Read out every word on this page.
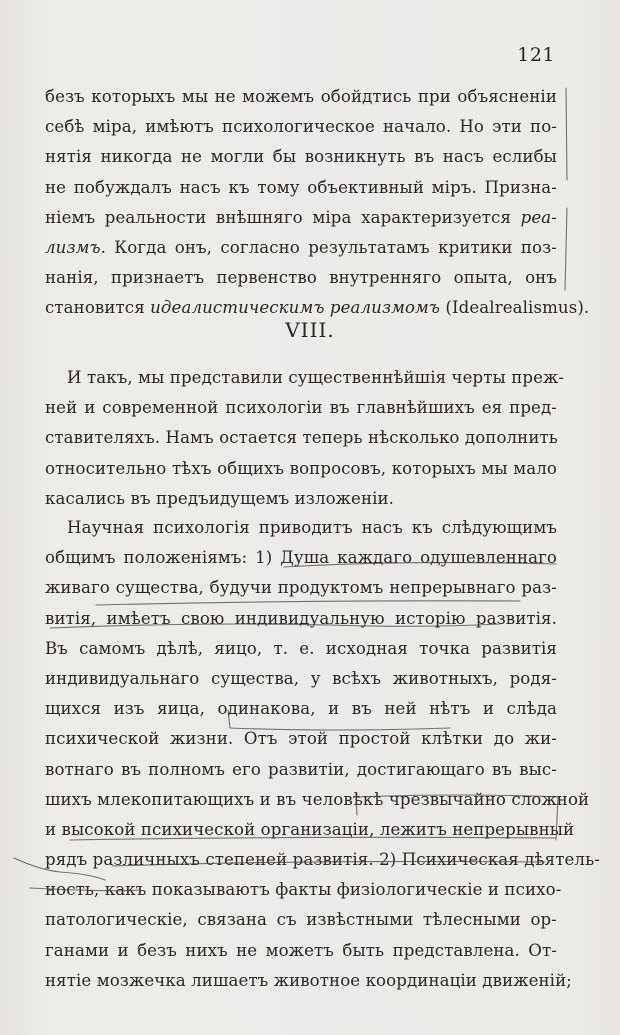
121
безъ которыхъ мы не можемъ обойдтись при объясненiи
себѣ мiра, имѣютъ психологическое начало. Но эти по-
нятiя никогда не могли бы возникнуть въ насъ еслибы
не побуждалъ насъ къ тому объективный мiръ. Призна-
нiемъ реальности внѣшняго мiра характеризуется реа-
лизмъ. Когда онъ, согласно результатамъ критики поз-
нанiя, признаетъ первенство внутренняго опыта, онъ
становится идеалистическимъ реализмомъ (Idealrealismus).
VIII.
И такъ, мы представили существеннѣйшiя черты преж-
ней и современной психологiи въ главнѣйшихъ ея пред-
ставителяхъ. Намъ остается теперь нѣсколько дополнить
относительно тѣхъ общихъ вопросовъ, которыхъ мы мало
касались въ предъидущемъ изложенiи.
Научная психологiя приводитъ насъ къ слѣдующимъ
общимъ положенiямъ: 1) Душа каждаго одушевленнаго
живаго существа, будучи продуктомъ непрерывнаго раз-
витiя, имѣетъ свою индивидуальную исторiю развитiя.
Въ самомъ дѣлѣ, яицо, т. е. исходная точка развитiя
индивидуальнаго существа, у всѣхъ животныхъ, родя-
щихся изъ яица, одинакова, и въ ней нѣтъ и слѣда
психической жизни. Отъ этой простой клѣтки до жи-
вотнаго въ полномъ его развитiи, достигающаго въ выс-
шихъ млекопитающихъ и въ человѣкѣ чрезвычайно сложной
и высокой психической организацiи, лежитъ непрерывный
рядъ различныхъ степеней развитiя. 2) Психическая дѣятель-
ность, какъ показываютъ факты физiологическiе и психо-
патологическiе, связана съ извѣстными тѣлесными ор-
ганами и безъ нихъ не можетъ быть представлена. От-
нятiе мозжечка лишаетъ животное координацiи движенiй;
